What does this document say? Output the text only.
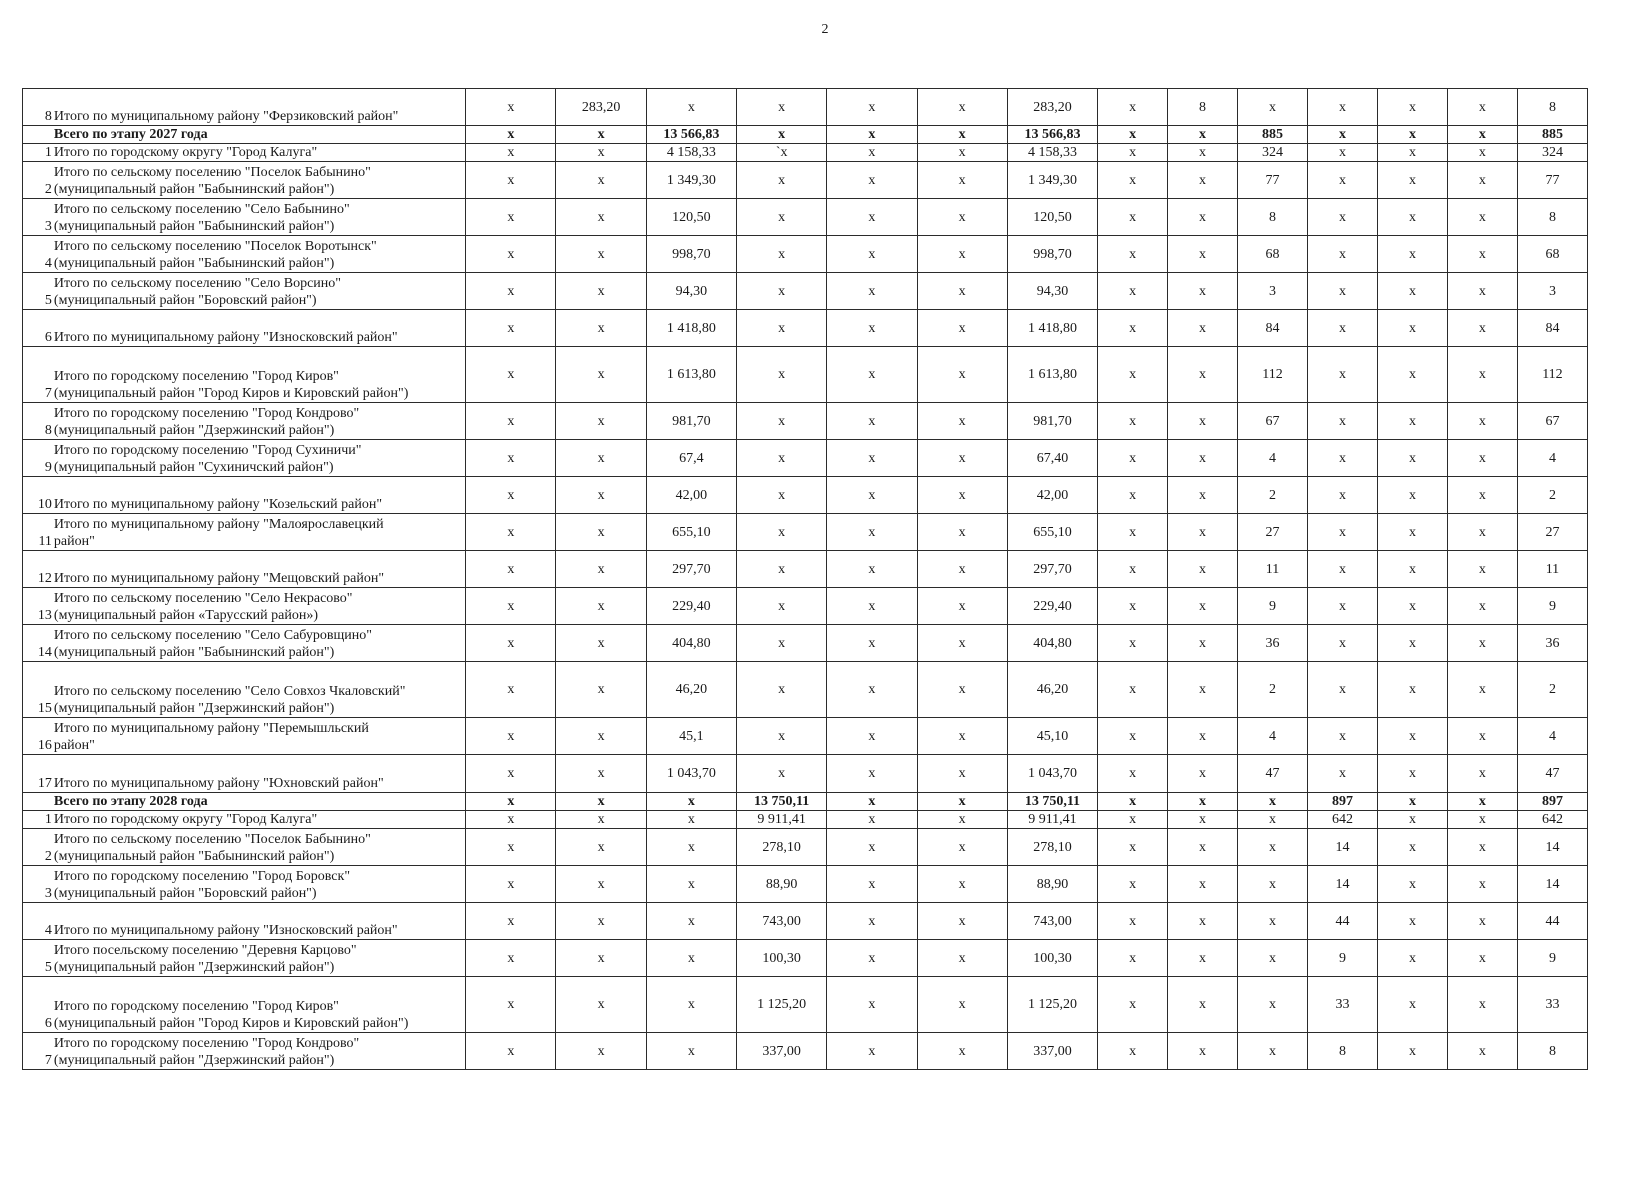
2
8	Итого по муниципальному району "Ферзиковский район"	х	283,20	х	х	х	х	283,20	х	8	х	х	х	х	8
	Всего по этапу 2027 года	х	х	13 566,83	х	х	х	13 566,83	х	х	885	х	х	х	885
1	Итого по городскому округу "Город Калуга"	х	х	4 158,33	`х	х	х	4 158,33	х	х	324	х	х	х	324
2	Итого по сельскому поселению "Поселок Бабынино"
(муниципальный район "Бабынинский район")	х	х	1 349,30	х	х	х	1 349,30	х	х	77	х	х	х	77
3	Итого по сельскому поселению "Село Бабынино"
(муниципальный район "Бабынинский район")	х	х	120,50	х	х	х	120,50	х	х	8	х	х	х	8
4	Итого по сельскому поселению "Поселок Воротынск"
(муниципальный район "Бабынинский район")	х	х	998,70	х	х	х	998,70	х	х	68	х	х	х	68
5	Итого по сельскому поселению "Село Ворсино"
(муниципальный район "Боровский район")	х	х	94,30	х	х	х	94,30	х	х	3	х	х	х	3
6	Итого по муниципальному району "Износковский район"	х	х	1 418,80	х	х	х	1 418,80	х	х	84	х	х	х	84
7	Итого по городскому поселению "Город Киров"
(муниципальный район "Город Киров и Кировский район")	х	х	1 613,80	х	х	х	1 613,80	х	х	112	х	х	х	112
8	Итого по городскому поселению "Город Кондрово"
(муниципальный район "Дзержинский район")	х	х	981,70	х	х	х	981,70	х	х	67	х	х	х	67
9	Итого по городскому поселению "Город Сухиничи"
(муниципальный район "Сухиничский район")	х	х	67,4	х	х	х	67,40	х	х	4	х	х	х	4
10	Итого по муниципальному району "Козельский район"	х	х	42,00	х	х	х	42,00	х	х	2	х	х	х	2
11	Итого по муниципальному району "Малоярославецкий
район"	х	х	655,10	х	х	х	655,10	х	х	27	х	х	х	27
12	Итого по муниципальному району "Мещовский район"	х	х	297,70	х	х	х	297,70	х	х	11	х	х	х	11
13	Итого по сельскому поселению "Село Некрасово"
(муниципальный район «Тарусский район»)	х	х	229,40	х	х	х	229,40	х	х	9	х	х	х	9
14	Итого по сельскому поселению "Село Сабуровщино"
(муниципальный район "Бабынинский район")	х	х	404,80	х	х	х	404,80	х	х	36	х	х	х	36
15	Итого по сельскому поселению "Село Совхоз Чкаловский"
(муниципальный район "Дзержинский район")	х	х	46,20	х	х	х	46,20	х	х	2	х	х	х	2
16	Итого по муниципальному району "Перемышльский
район"	х	х	45,1	х	х	х	45,10	х	х	4	х	х	х	4
17	Итого по муниципальному району "Юхновский район"	х	х	1 043,70	х	х	х	1 043,70	х	х	47	х	х	х	47
	Всего по этапу 2028 года	х	х	х	13 750,11	х	х	13 750,11	х	х	х	897	х	х	897
1	Итого по городскому округу "Город Калуга"	х	х	х	9 911,41	х	х	9 911,41	х	х	х	642	х	х	642
2	Итого по сельскому поселению "Поселок Бабынино"
(муниципальный район "Бабынинский район")	х	х	х	278,10	х	х	278,10	х	х	х	14	х	х	14
3	Итого по городскому поселению "Город Боровск"
(муниципальный район "Боровский район")	х	х	х	88,90	х	х	88,90	х	х	х	14	х	х	14
4	Итого по муниципальному району "Износковский район"	х	х	х	743,00	х	х	743,00	х	х	х	44	х	х	44
5	Итого посельскому поселению "Деревня Карцово"
(муниципальный район "Дзержинский район")	х	х	х	100,30	х	х	100,30	х	х	х	9	х	х	9
6	Итого по городскому поселению "Город Киров"
(муниципальный район "Город Киров и Кировский район")	х	х	х	1 125,20	х	х	1 125,20	х	х	х	33	х	х	33
7	Итого по городскому поселению "Город Кондрово"
(муниципальный район "Дзержинский район")	х	х	х	337,00	х	х	337,00	х	х	х	8	х	х	8
